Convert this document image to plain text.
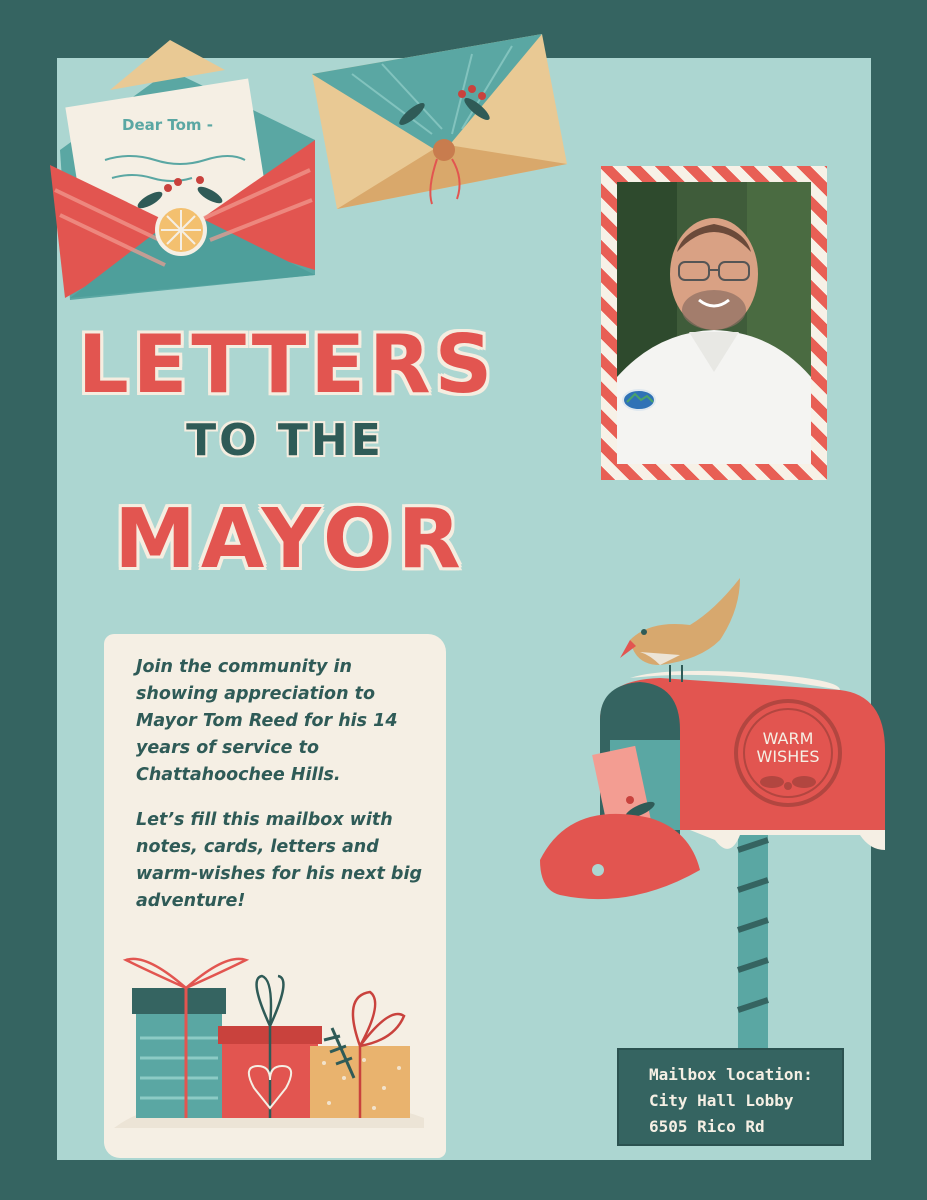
Dear Tom -
LETTERS
TO THE
MAYOR

Join the community in showing appreciation to Mayor Tom Reed for his 14 years of service to Chattahoochee Hills.

Let’s fill this mailbox with notes, cards, letters and warm-wishes for his next big adventure!

WARM
WISHES
Mailbox location:
City Hall Lobby
6505 Rico Rd
